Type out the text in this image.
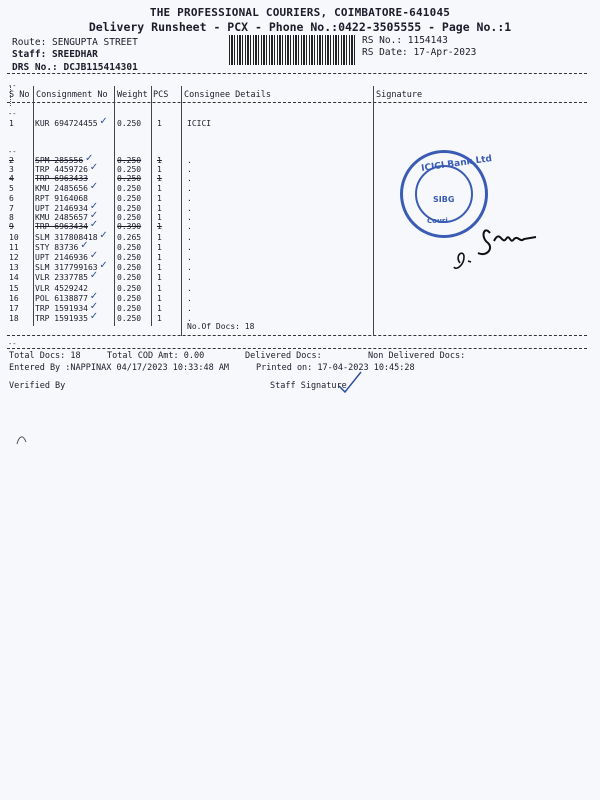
THE PROFESSIONAL COURIERS, COIMBATORE-641045
Delivery Runsheet - PCX - Phone No.:0422-3505555 - Page No.:1
Route: SENGUPTA STREET
Staff: SREEDHAR
DRS No.: DCJB115414301
RS No.: 1154143
RS Date: 17-Apr-2023
--
--
S No Consignment No Weight PCS Consignee Details	Signature
1	KUR 694724455 0.250 1	ICICI
✓
2	SPM 285556	0.250 1	.
✓
3	TRP 4459726	0.250 1	.
✓
4	TRP 6963433	0.250 1	.
5	KMU 2485656	0.250 1	.
✓
6	RPT 9164068	0.250 1	.
7	UPT 2146934	0.250 1	.
✓
8	KMU 2485657	0.250 1	.
✓
9	TRP 6963434	0.390 1	.
✓
10 SLM 317808418 0.265 1	.
✓
11 STY 83736	0.250 1	.
✓
12 UPT 2146936	0.250 1	.
✓
13 SLM 317799163 0.250 1	.
✓
14 VLR 2337785	0.250 1	.
✓
15 VLR 4529242	0.250 1	.
16 POL 6138877	0.250 1	.
✓
17 TRP 1591934	0.250 1	.
✓
18 TRP 1591935	0.250 1	.
✓
--
--
No.Of Docs: 18
Total Docs: 18	Total COD Amt: 0.00	Delivered Docs:	Non Delivered Docs:
Entered By :NAPPINAX 04/17/2023 10:33:48 AM	Printed on: 17-04-2023 10:45:28
Verified By	Staff Signature
ICICI Bank Ltd
SIBG
Couri
